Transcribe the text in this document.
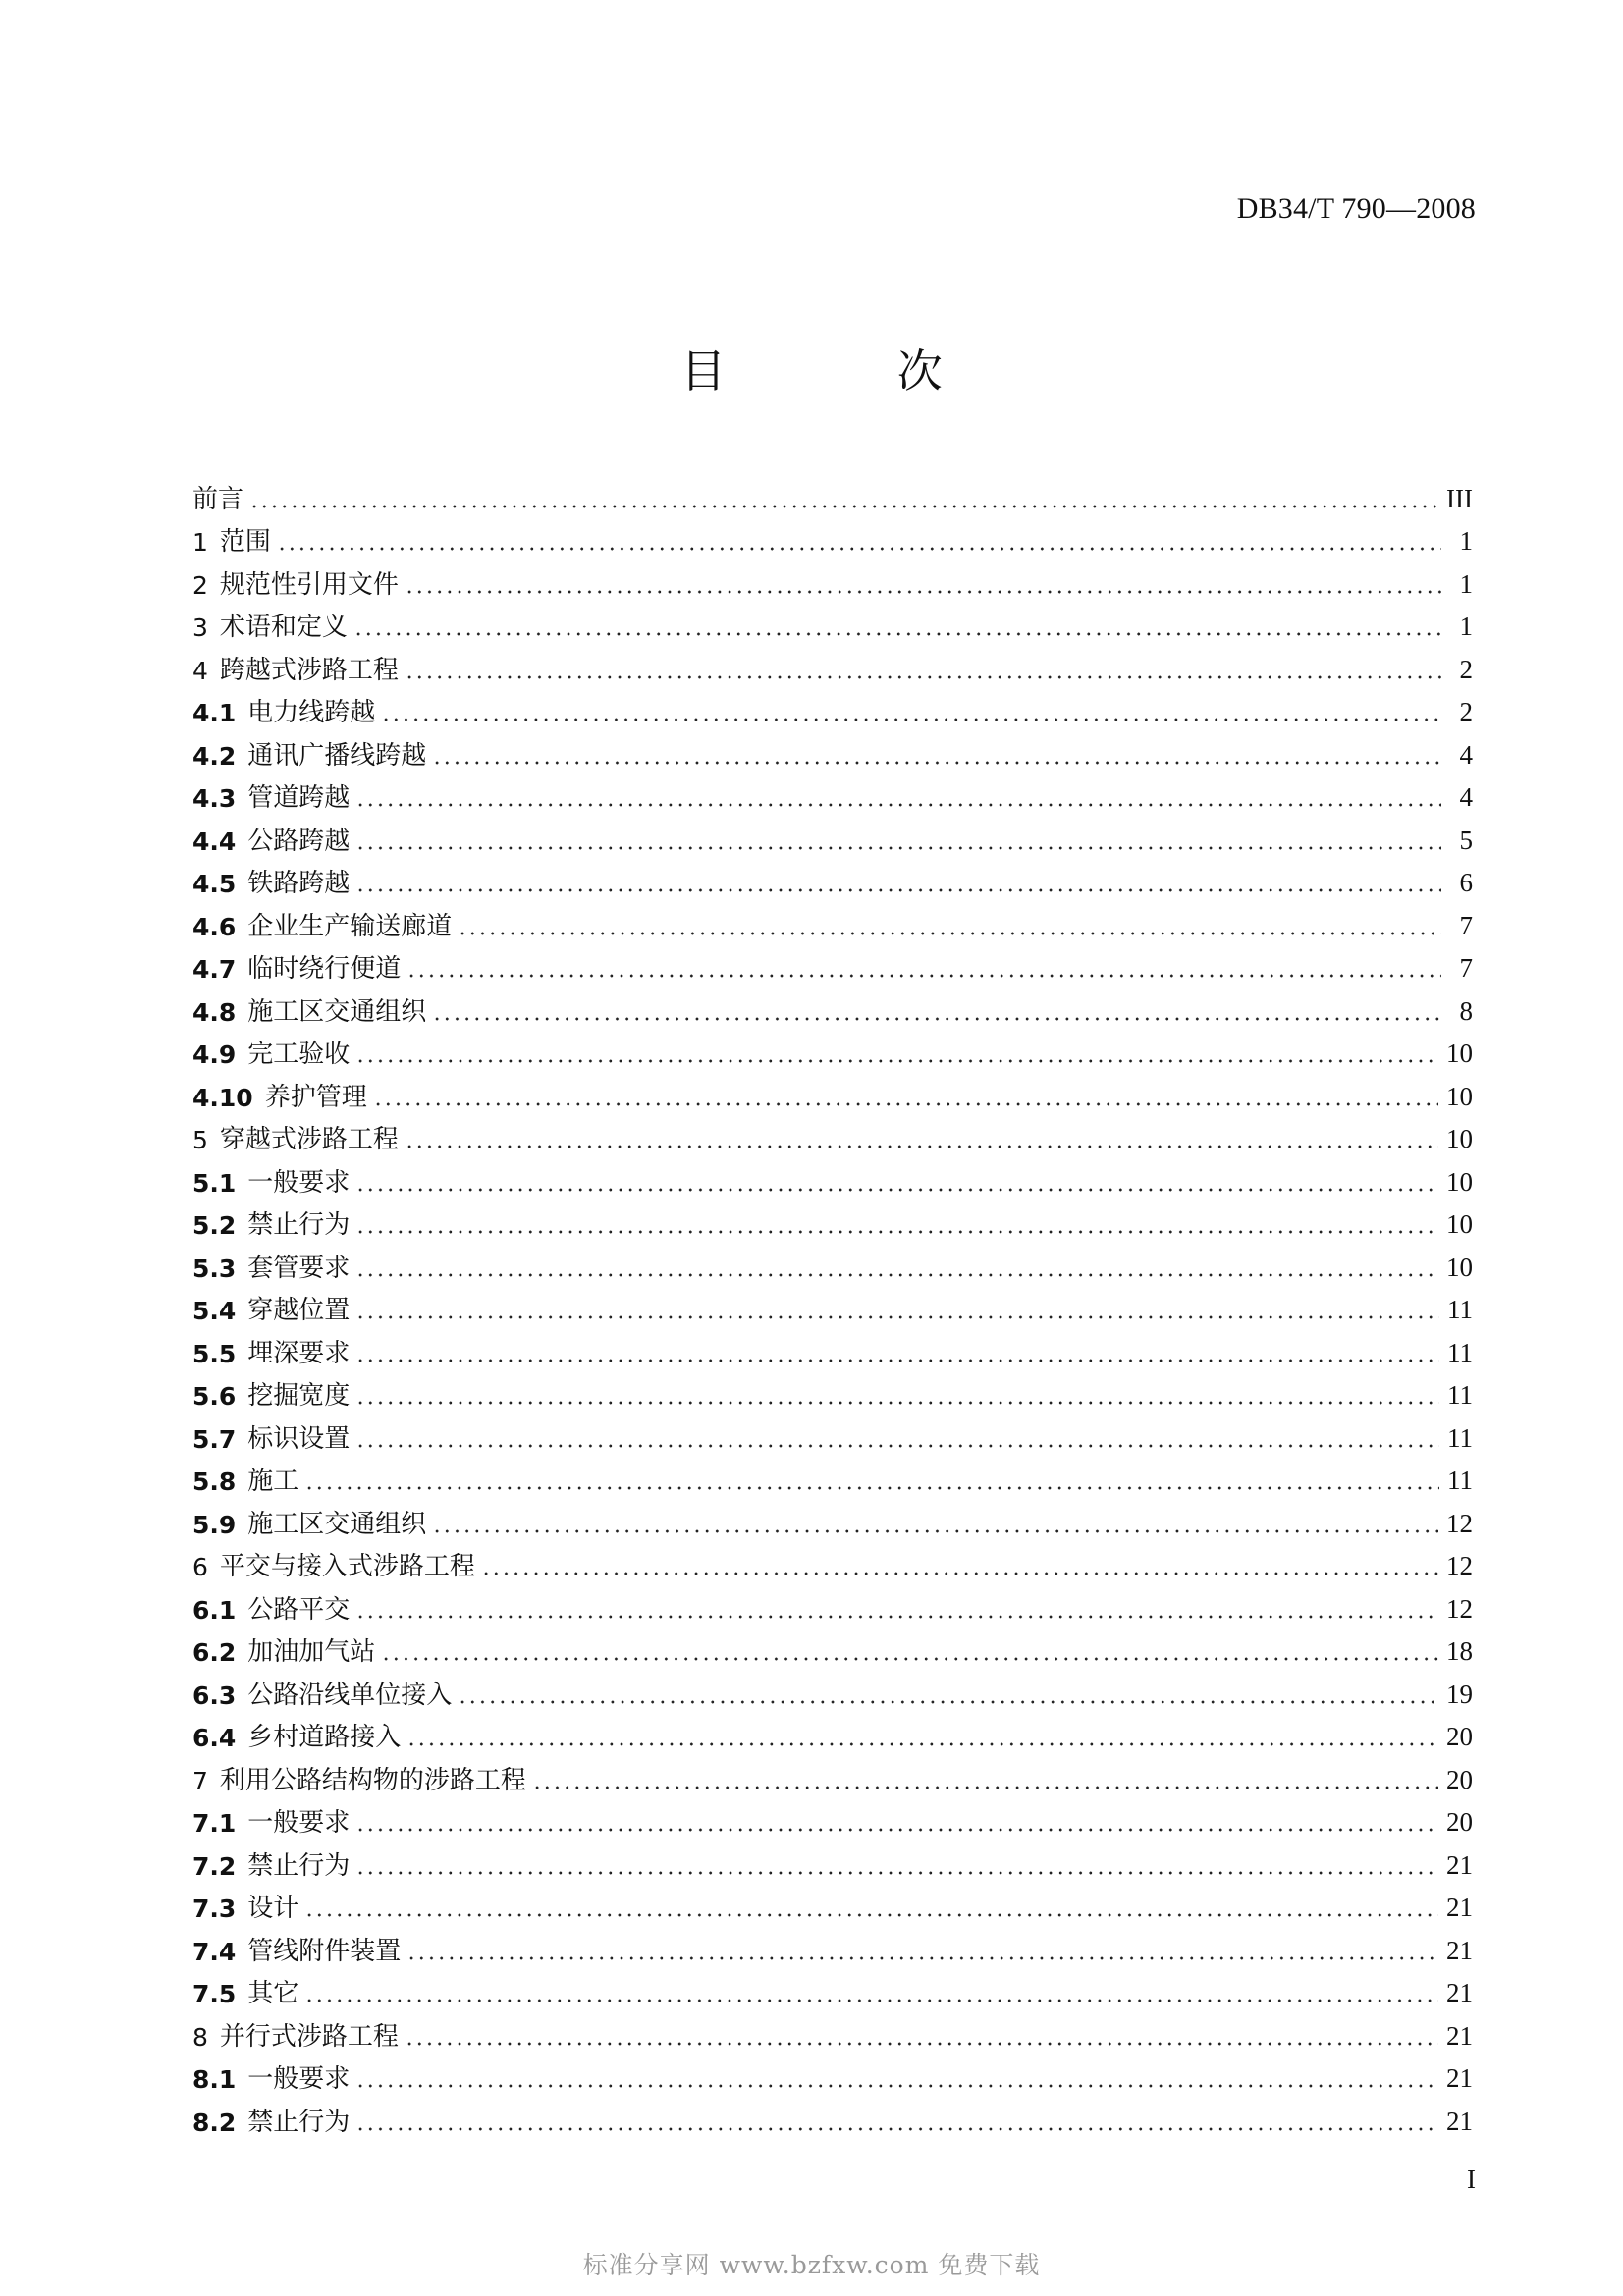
DB34/T 790—2008
目 次
前言	III
1 范围	1
2 规范性引用文件	1
3 术语和定义	1
4 跨越式涉路工程	2
4.1 电力线跨越	2
4.2 通讯广播线跨越	4
4.3 管道跨越	4
4.4 公路跨越	5
4.5 铁路跨越	6
4.6 企业生产输送廊道	7
4.7 临时绕行便道	7
4.8 施工区交通组织	8
4.9 完工验收	10
4.10 养护管理	10
5 穿越式涉路工程	10
5.1 一般要求	10
5.2 禁止行为	10
5.3 套管要求	10
5.4 穿越位置	11
5.5 埋深要求	11
5.6 挖掘宽度	11
5.7 标识设置	11
5.8 施工	11
5.9 施工区交通组织	12
6 平交与接入式涉路工程	12
6.1 公路平交	12
6.2 加油加气站	18
6.3 公路沿线单位接入	19
6.4 乡村道路接入	20
7 利用公路结构物的涉路工程	20
7.1 一般要求	20
7.2 禁止行为	21
7.3 设计	21
7.4 管线附件装置	21
7.5 其它	21
8 并行式涉路工程	21
8.1 一般要求	21
8.2 禁止行为	21
I
标准分享网 www.bzfxw.com 免费下载
